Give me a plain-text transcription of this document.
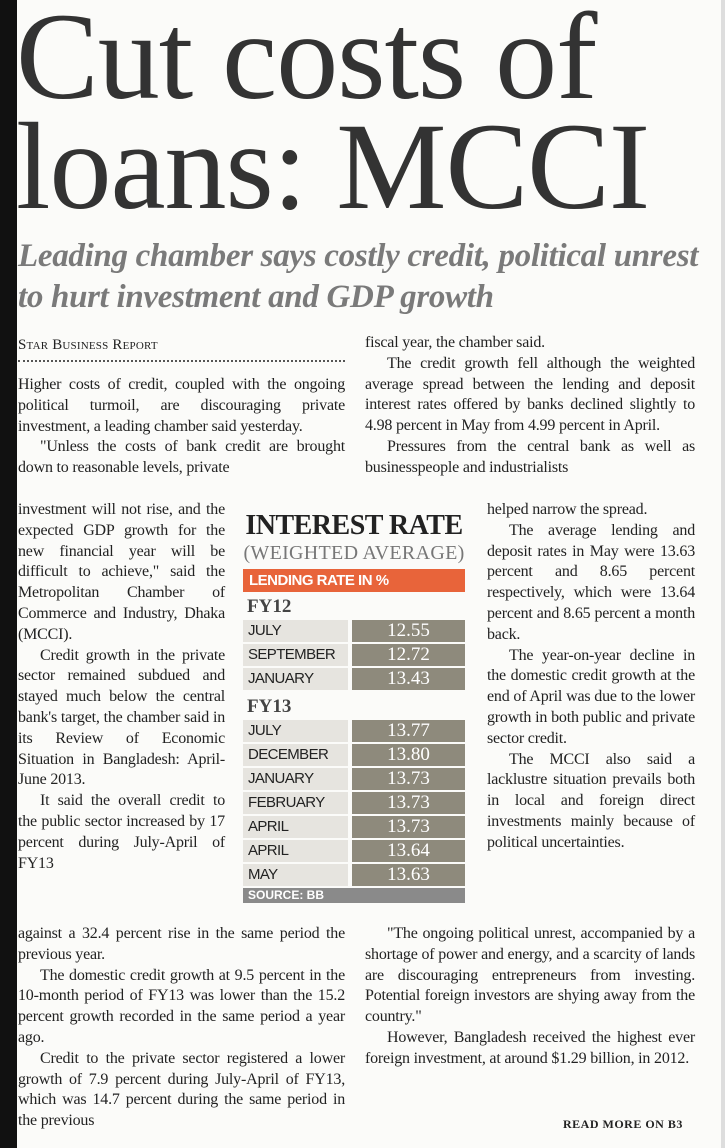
Cut costs of
loans: MCCI
Leading chamber says costly credit, political unrest to hurt investment and GDP growth
Star Business Report

Higher costs of credit, coupled with the ongoing political turmoil, are discouraging private investment, a leading chamber said yesterday.

"Unless the costs of bank credit are brought down to reasonable levels, private

investment will not rise, and the expected GDP growth for the new financial year will be difficult to achieve," said the Metropolitan Chamber of Commerce and Industry, Dhaka (MCCI).

Credit growth in the private sector remained subdued and stayed much below the central bank's target, the chamber said in its Review of Economic Situation in Bangladesh: April-June 2013.

It said the overall credit to the public sector increased by 17 percent during July-April of FY13

against a 32.4 percent rise in the same period the previous year.

The domestic credit growth at 9.5 percent in the 10-month period of FY13 was lower than the 15.2 percent growth recorded in the same period a year ago.

Credit to the private sector registered a lower growth of 7.9 percent during July-April of FY13, which was 14.7 percent during the same period in the previous

fiscal year, the chamber said.

The credit growth fell although the weighted average spread between the lending and deposit interest rates offered by banks declined slightly to 4.98 percent in May from 4.99 percent in April.

Pressures from the central bank as well as businesspeople and industrialists

helped narrow the spread.

The average lending and deposit rates in May were 13.63 percent and 8.65 percent respectively, which were 13.64 percent and 8.65 percent a month back.

The year-on-year decline in the domestic credit growth at the end of April was due to the lower growth in both public and private sector credit.

The MCCI also said a lacklustre situation prevails both in local and foreign direct investments mainly because of political uncertainties.

"The ongoing political unrest, accompanied by a shortage of power and energy, and a scarcity of lands are discouraging entrepreneurs from investing. Potential foreign investors are shying away from the country."

However, Bangladesh received the highest ever foreign investment, at around $1.29 billion, in 2012.

READ MORE ON B3
INTEREST RATE
(WEIGHTED AVERAGE)
LENDING RATE IN %
FY12
JULY	12.55
SEPTEMBER	12.72
JANUARY	13.43
FY13
JULY	13.77
DECEMBER	13.80
JANUARY	13.73
FEBRUARY	13.73
APRIL	13.73
APRIL	13.64
MAY	13.63
SOURCE: BB
